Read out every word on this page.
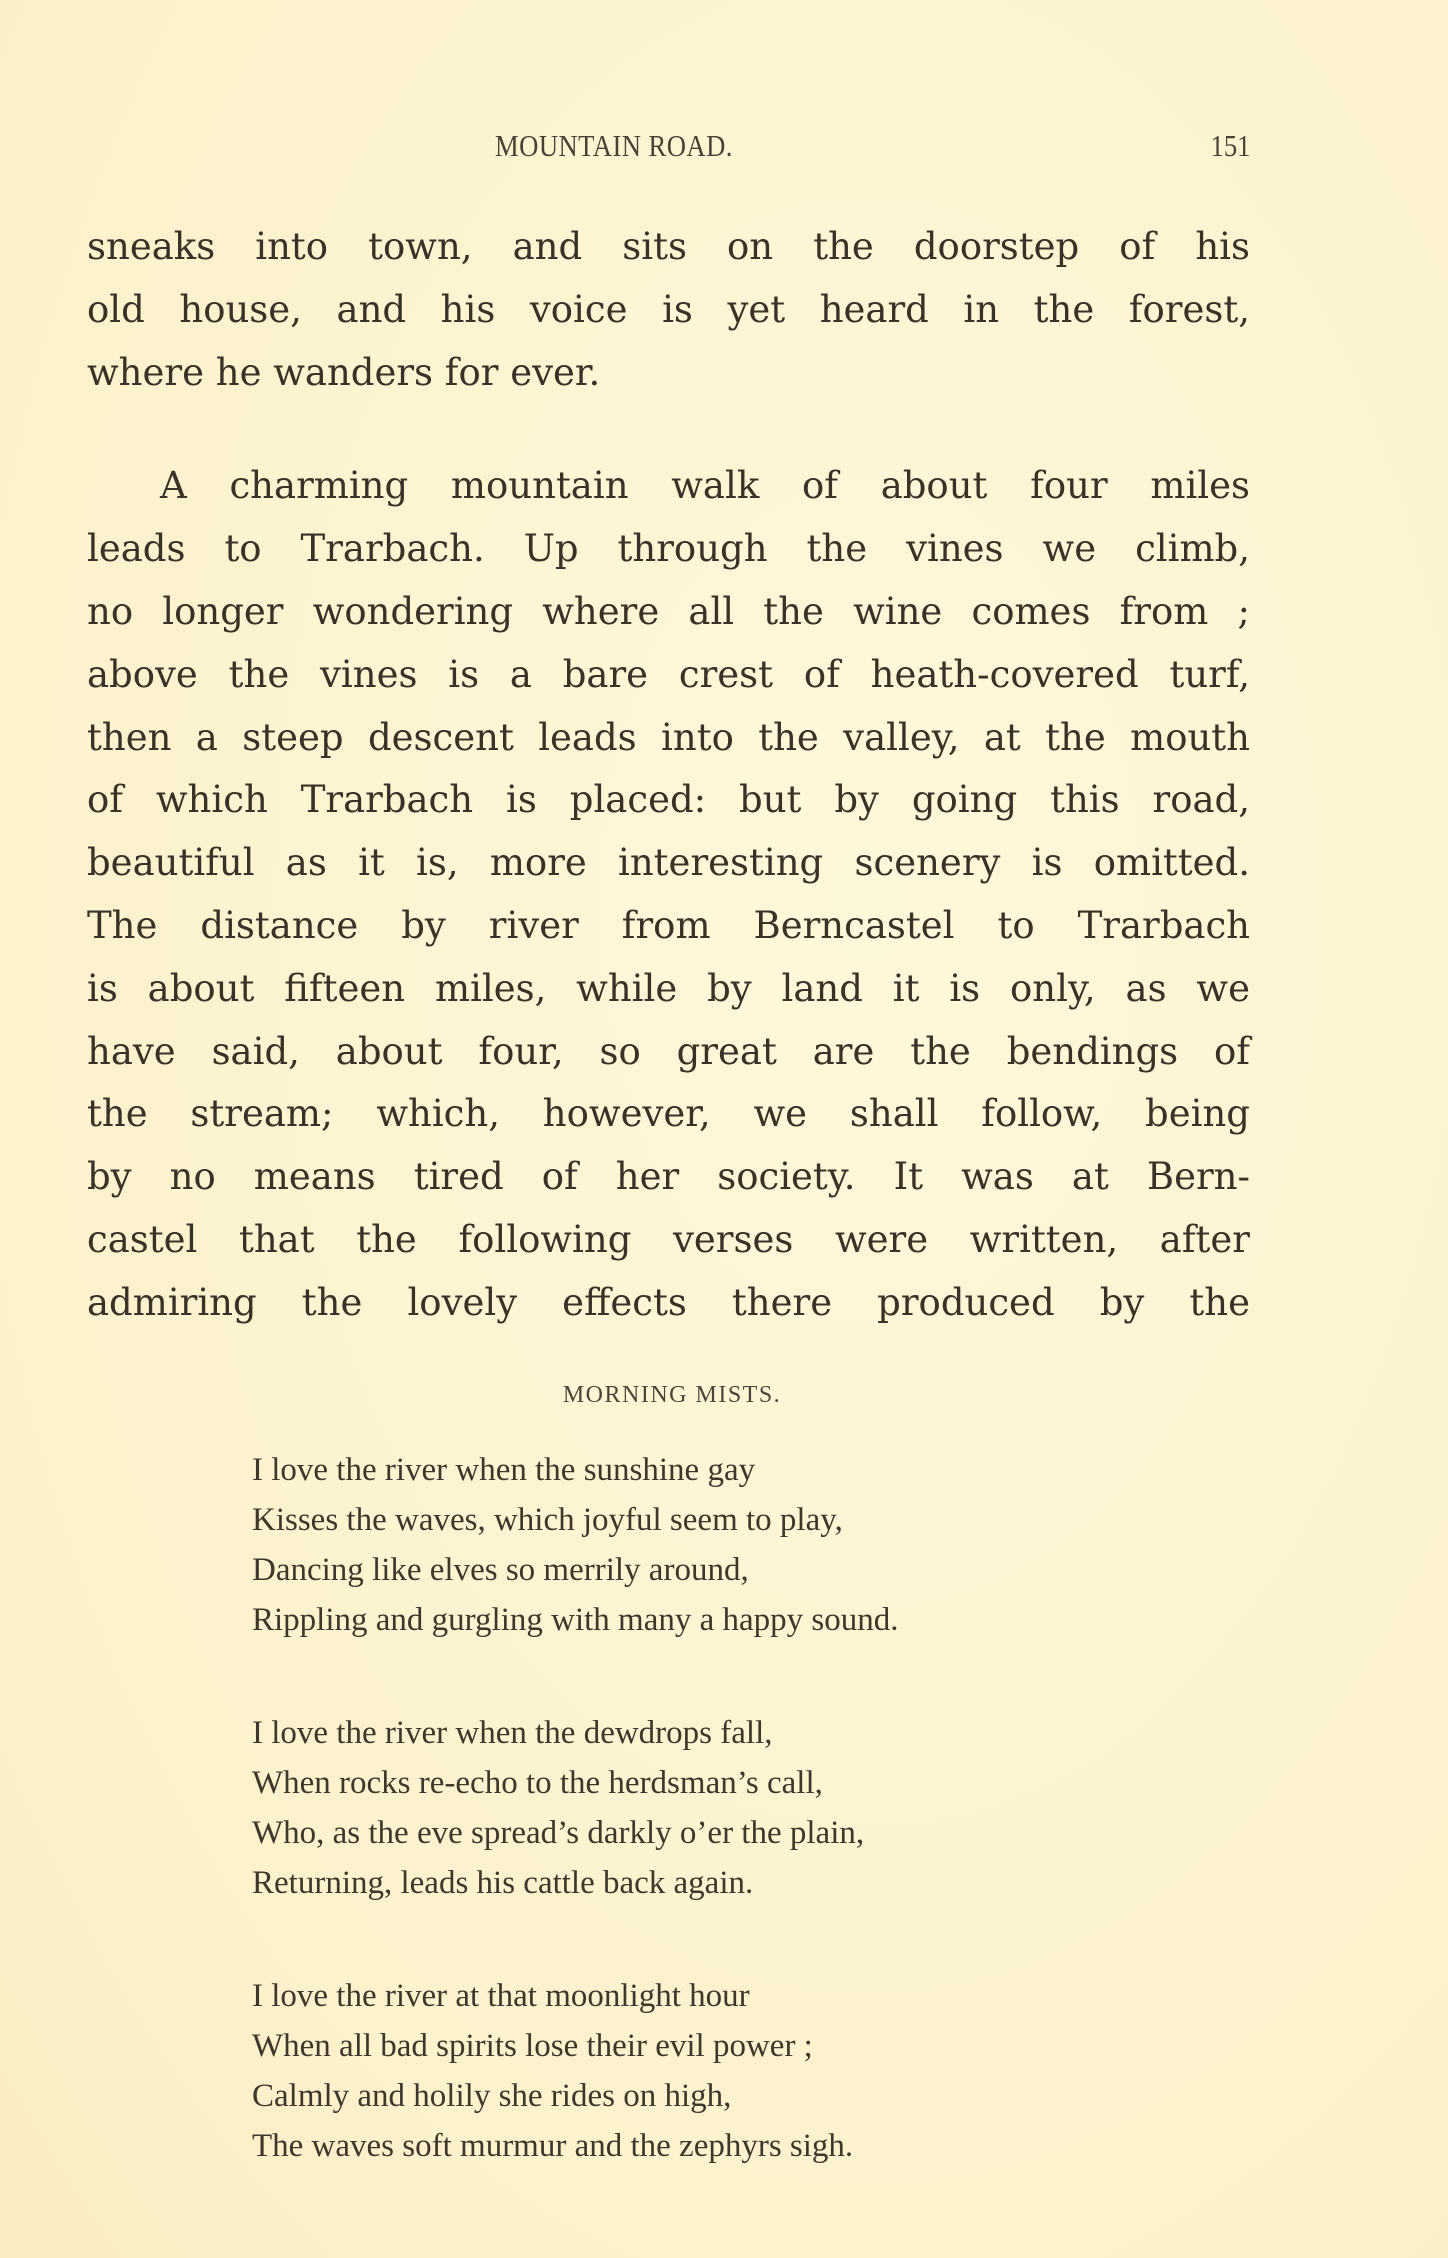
MOUNTAIN ROAD.	151
sneaks into town, and sits on the doorstep of his
old house, and his voice is yet heard in the forest,
where he wanders for ever.
A charming mountain walk of about four miles
leads to Trarbach. Up through the vines we climb,
no longer wondering where all the wine comes from ;
above the vines is a bare crest of heath-covered turf,
then a steep descent leads into the valley, at the mouth
of which Trarbach is placed: but by going this road,
beautiful as it is, more interesting scenery is omitted.
The distance by river from Berncastel to Trarbach
is about fifteen miles, while by land it is only, as we
have said, about four, so great are the bendings of
the stream; which, however, we shall follow, being
by no means tired of her society. It was at Bern-
castel that the following verses were written, after
admiring the lovely effects there produced by the
MORNING MISTS.
I love the river when the sunshine gay
Kisses the waves, which joyful seem to play,
Dancing like elves so merrily around,
Rippling and gurgling with many a happy sound.
I love the river when the dewdrops fall,
When rocks re-echo to the herdsman’s call,
Who, as the eve spread’s darkly o’er the plain,
Returning, leads his cattle back again.
I love the river at that moonlight hour
When all bad spirits lose their evil power ;
Calmly and holily she rides on high,
The waves soft murmur and the zephyrs sigh.
